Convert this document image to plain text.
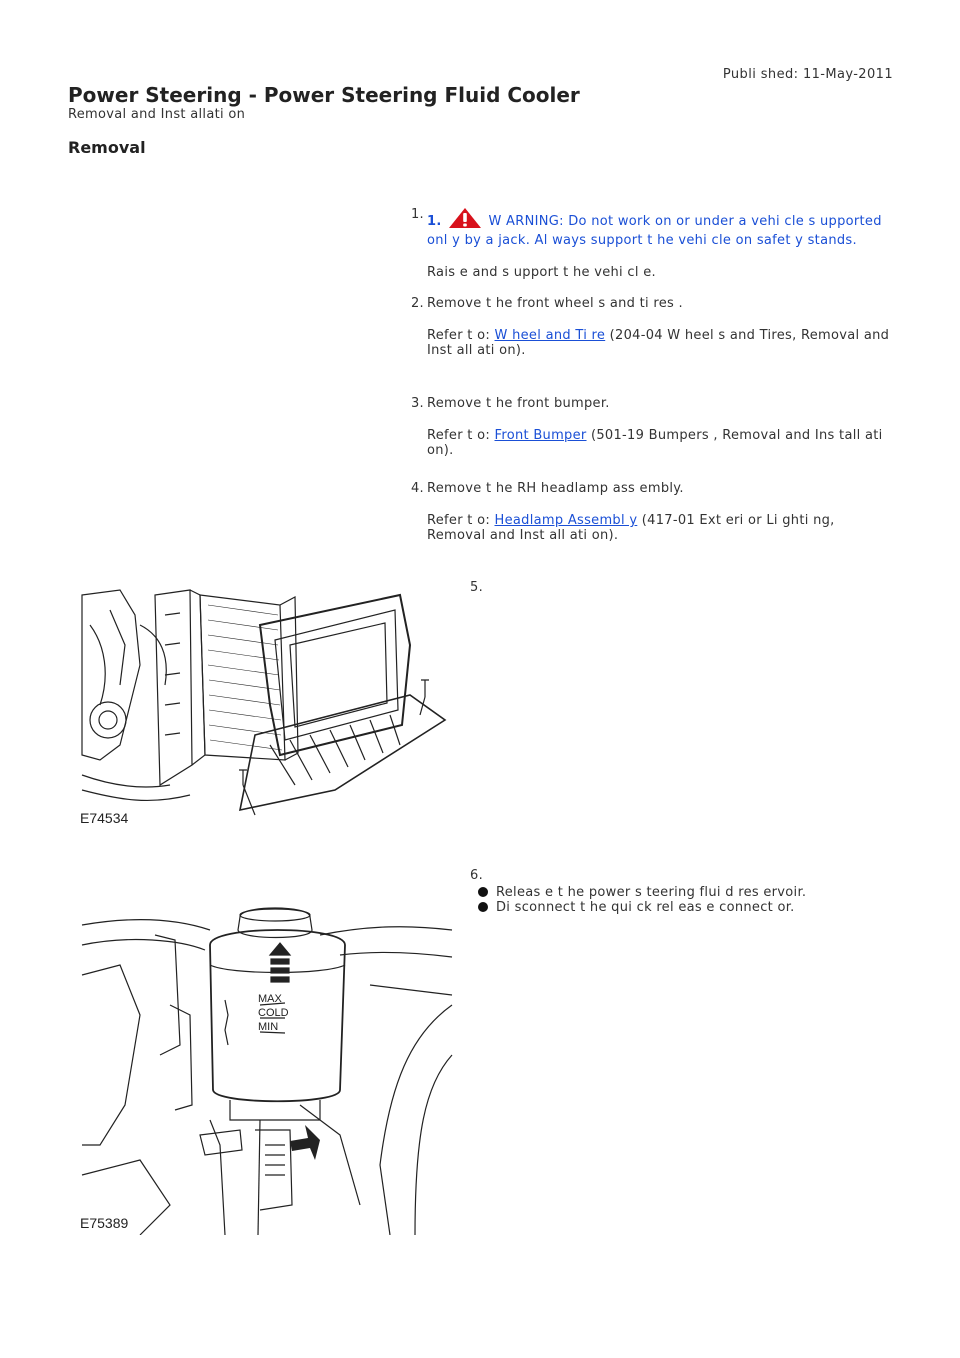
Publi shed: 11-May-2011
Power Steering - Power Steering Fluid Cooler
Removal and Inst allati on
Removal
1. 1.	W ARNING: Do not work on or under a vehi cle s upported onl y by a jack. Al ways support t he vehi cle on safet y stands.

Rais e and s upport t he vehi cl e.

2. Remove t he front wheel s and ti res .

Refer t o: W heel and Ti re (204-04 W heel s and Tires, Removal and Inst all ati on).

3. Remove t he front bumper.

Refer t o: Front Bumper (501-19 Bumpers , Removal and Ins tall ati on).

4. Remove t he RH headlamp ass embly.

Refer t o: Headlamp Assembl y (417-01 Ext eri or Li ghti ng, Removal and Inst all ati on).

5.
E74534
6.
Releas e t he power s teering flui d res ervoir.
Di sconnect t he qui ck rel eas e connect or.
MAX
COLD
MIN
E75389
